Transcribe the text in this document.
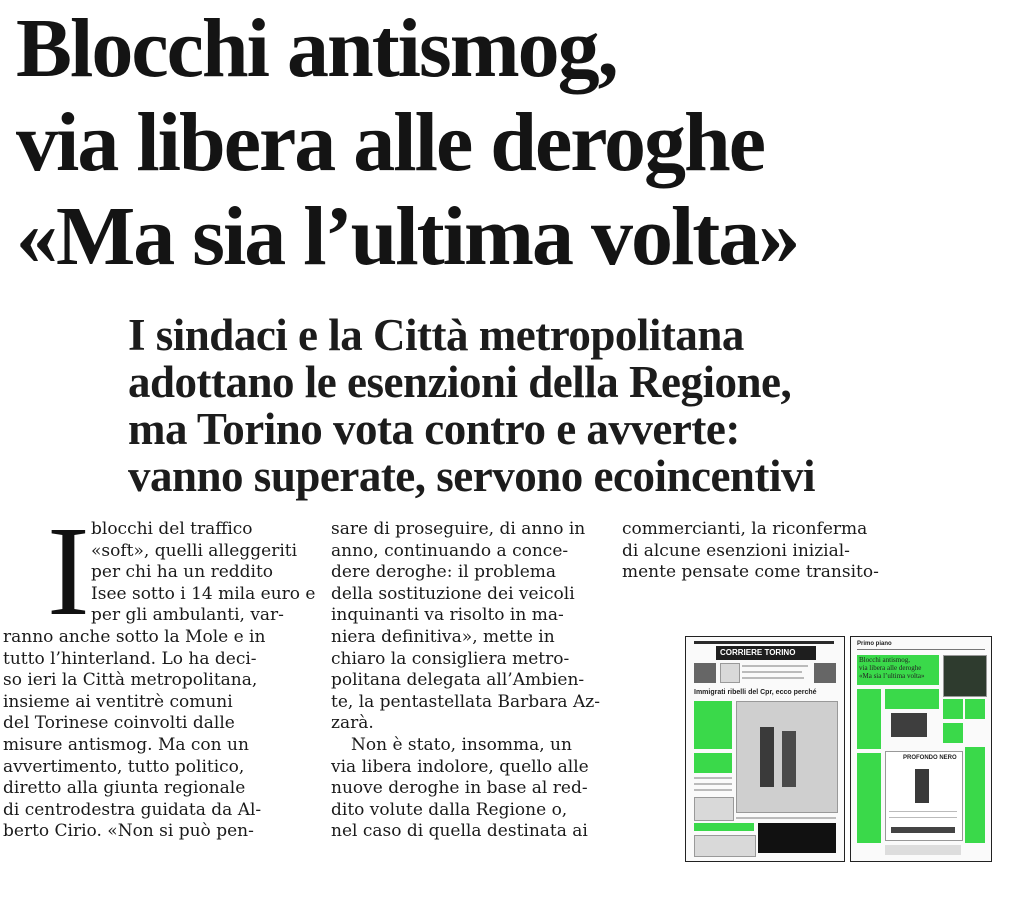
Blocchi antismog,
via libera alle deroghe
«Ma sia l’ultima volta»
I sindaci e la Città metropolitana
adottano le esenzioni della Regione,
ma Torino vota contro e avverte:
vanno superate, servono ecoincentivi
I blocchi del traffico
«soft», quelli alleggeriti
per chi ha un reddito
Isee sotto i 14 mila euro e
per gli ambulanti, var-
ranno anche sotto la Mole e in
tutto l’hinterland. Lo ha deci-
so ieri la Città metropolitana,
insieme ai ventitrè comuni
del Torinese coinvolti dalle
misure antismog. Ma con un
avvertimento, tutto politico,
diretto alla giunta regionale
di centrodestra guidata da Al-
berto Cirio. «Non si può pen-
sare di proseguire, di anno in
anno, continuando a conce-
dere deroghe: il problema
della sostituzione dei veicoli
inquinanti va risolto in ma-
niera definitiva», mette in
chiaro la consigliera metro-
politana delegata all’Ambien-
te, la pentastellata Barbara Az-
zarà.
Non è stato, insomma, un
via libera indolore, quello alle
nuove deroghe in base al red-
dito volute dalla Regione o,
nel caso di quella destinata ai
commercianti, la riconferma
di alcune esenzioni inizial-
mente pensate come transito-
CORRIERE TORINO
Immigrati ribelli del Cpr, ecco perché
Primo piano
Blocchi antismog,
via libera alle deroghe
«Ma sia l’ultima volta»
PROFONDO NERO
